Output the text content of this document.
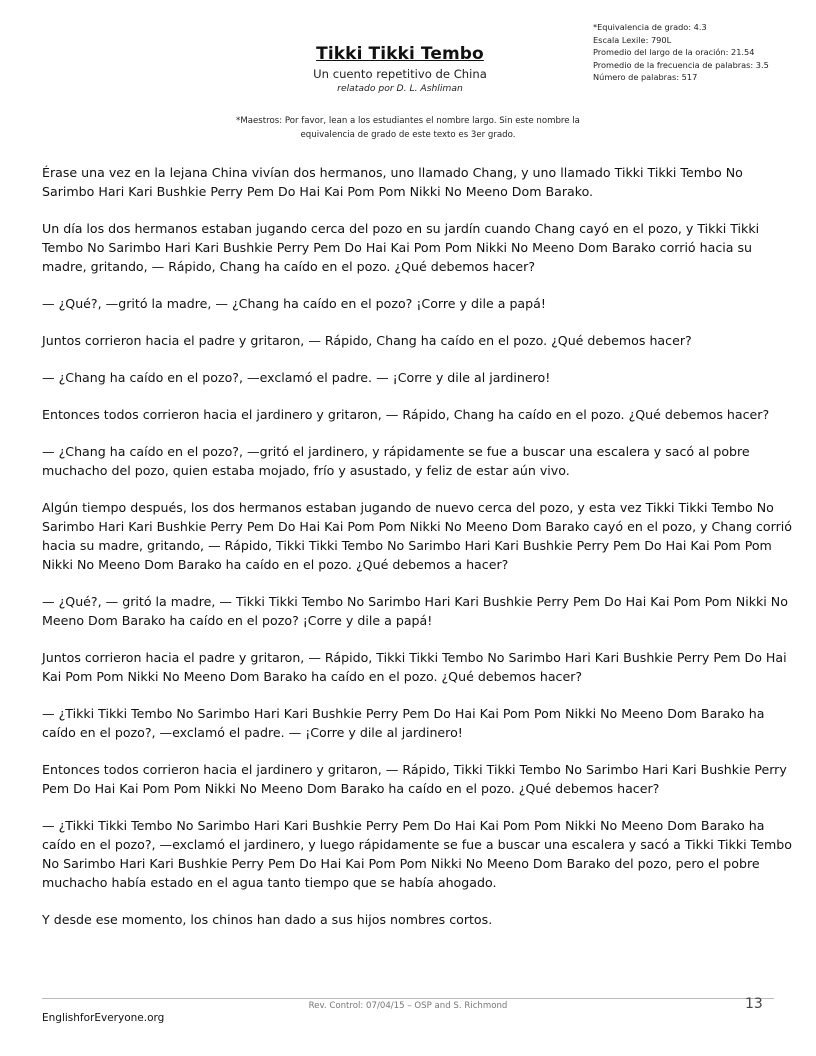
*Equivalencia de grado: 4.3
Escala Lexile: 790L
Promedio del largo de la oración: 21.54
Promedio de la frecuencia de palabras: 3.5
Número de palabras: 517
Tikki Tikki Tembo
Un cuento repetitivo de China
relatado por D. L. Ashliman
*Maestros: Por favor, lean a los estudiantes el nombre largo. Sin este nombre la equivalencia de grado de este texto es 3er grado.

Érase una vez en la lejana China vivían dos hermanos, uno llamado Chang, y uno llamado Tikki Tikki Tembo No Sarimbo Hari Kari Bushkie Perry Pem Do Hai Kai Pom Pom Nikki No Meeno Dom Barako.

Un día los dos hermanos estaban jugando cerca del pozo en su jardín cuando Chang cayó en el pozo, y Tikki Tikki Tembo No Sarimbo Hari Kari Bushkie Perry Pem Do Hai Kai Pom Pom Nikki No Meeno Dom Barako corrió hacia su madre, gritando, — Rápido, Chang ha caído en el pozo. ¿Qué debemos hacer?

— ¿Qué?, —gritó la madre, — ¿Chang ha caído en el pozo? ¡Corre y dile a papá!

Juntos corrieron hacia el padre y gritaron, — Rápido, Chang ha caído en el pozo. ¿Qué debemos hacer?

— ¿Chang ha caído en el pozo?, —exclamó el padre. — ¡Corre y dile al jardinero!

Entonces todos corrieron hacia el jardinero y gritaron, — Rápido, Chang ha caído en el pozo. ¿Qué debemos hacer?

— ¿Chang ha caído en el pozo?, —gritó el jardinero, y rápidamente se fue a buscar una escalera y sacó al pobre muchacho del pozo, quien estaba mojado, frío y asustado, y feliz de estar aún vivo.

Algún tiempo después, los dos hermanos estaban jugando de nuevo cerca del pozo, y esta vez Tikki Tikki Tembo No Sarimbo Hari Kari Bushkie Perry Pem Do Hai Kai Pom Pom Nikki No Meeno Dom Barako cayó en el pozo, y Chang corrió hacia su madre, gritando, — Rápido, Tikki Tikki Tembo No Sarimbo Hari Kari Bushkie Perry Pem Do Hai Kai Pom Pom Nikki No Meeno Dom Barako ha caído en el pozo. ¿Qué debemos a hacer?

— ¿Qué?, — gritó la madre, — Tikki Tikki Tembo No Sarimbo Hari Kari Bushkie Perry Pem Do Hai Kai Pom Pom Nikki No Meeno Dom Barako ha caído en el pozo? ¡Corre y dile a papá!

Juntos corrieron hacia el padre y gritaron, — Rápido, Tikki Tikki Tembo No Sarimbo Hari Kari Bushkie Perry Pem Do Hai Kai Pom Pom Nikki No Meeno Dom Barako ha caído en el pozo. ¿Qué debemos hacer?

— ¿Tikki Tikki Tembo No Sarimbo Hari Kari Bushkie Perry Pem Do Hai Kai Pom Pom Nikki No Meeno Dom Barako ha caído en el pozo?, —exclamó el padre. — ¡Corre y dile al jardinero!

Entonces todos corrieron hacia el jardinero y gritaron, — Rápido, Tikki Tikki Tembo No Sarimbo Hari Kari Bushkie Perry Pem Do Hai Kai Pom Pom Nikki No Meeno Dom Barako ha caído en el pozo. ¿Qué debemos hacer?

— ¿Tikki Tikki Tembo No Sarimbo Hari Kari Bushkie Perry Pem Do Hai Kai Pom Pom Nikki No Meeno Dom Barako ha caído en el pozo?, —exclamó el jardinero, y luego rápidamente se fue a buscar una escalera y sacó a Tikki Tikki Tembo No Sarimbo Hari Kari Bushkie Perry Pem Do Hai Kai Pom Pom Nikki No Meeno Dom Barako del pozo, pero el pobre muchacho había estado en el agua tanto tiempo que se había ahogado.

Y desde ese momento, los chinos han dado a sus hijos nombres cortos.

Rev. Control: 07/04/15 – OSP and S. Richmond	13
EnglishforEveryone.org
